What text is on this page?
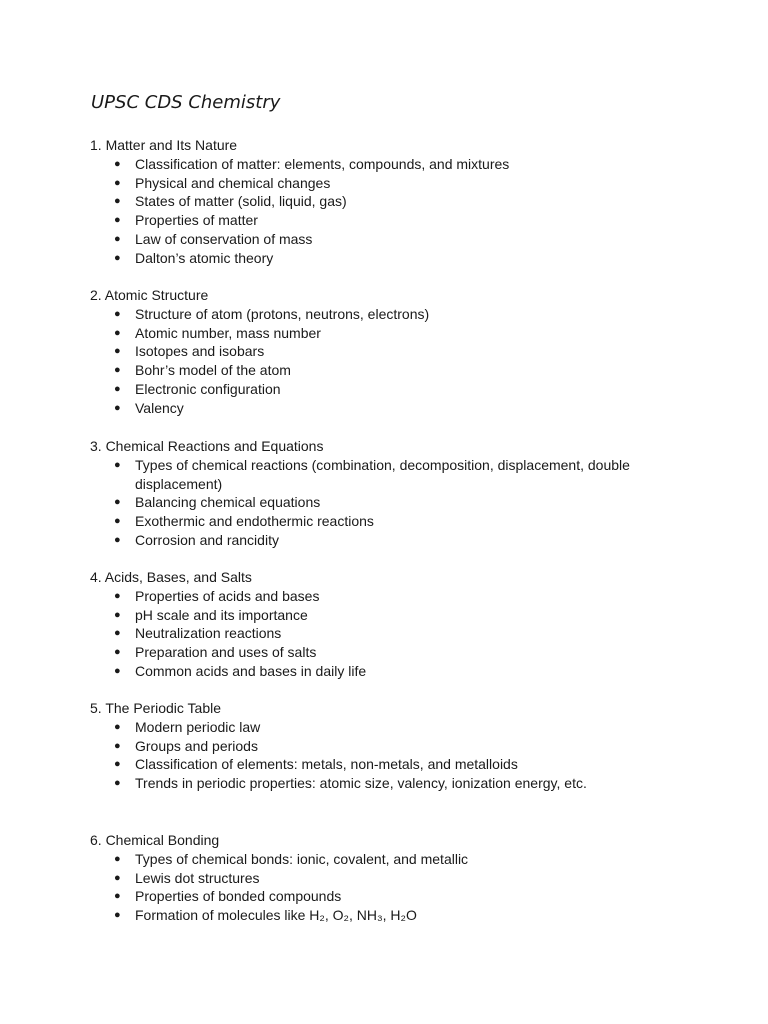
UPSC CDS Chemistry

1. Matter and Its Nature

● Classification of matter: elements, compounds, and mixtures
● Physical and chemical changes
● States of matter (solid, liquid, gas)
● Properties of matter
● Law of conservation of mass
● Dalton’s atomic theory

2. Atomic Structure

● Structure of atom (protons, neutrons, electrons)
● Atomic number, mass number
● Isotopes and isobars
● Bohr’s model of the atom
● Electronic configuration
● Valency

3. Chemical Reactions and Equations

● Types of chemical reactions (combination, decomposition, displacement, double displacement)
● Balancing chemical equations
● Exothermic and endothermic reactions
● Corrosion and rancidity

4. Acids, Bases, and Salts

● Properties of acids and bases
● pH scale and its importance
● Neutralization reactions
● Preparation and uses of salts
● Common acids and bases in daily life

5. The Periodic Table

● Modern periodic law
● Groups and periods
● Classification of elements: metals, non-metals, and metalloids
● Trends in periodic properties: atomic size, valency, ionization energy, etc.

6. Chemical Bonding

● Types of chemical bonds: ionic, covalent, and metallic
● Lewis dot structures
● Properties of bonded compounds
● Formation of molecules like H₂, O₂, NH₃, H₂O
